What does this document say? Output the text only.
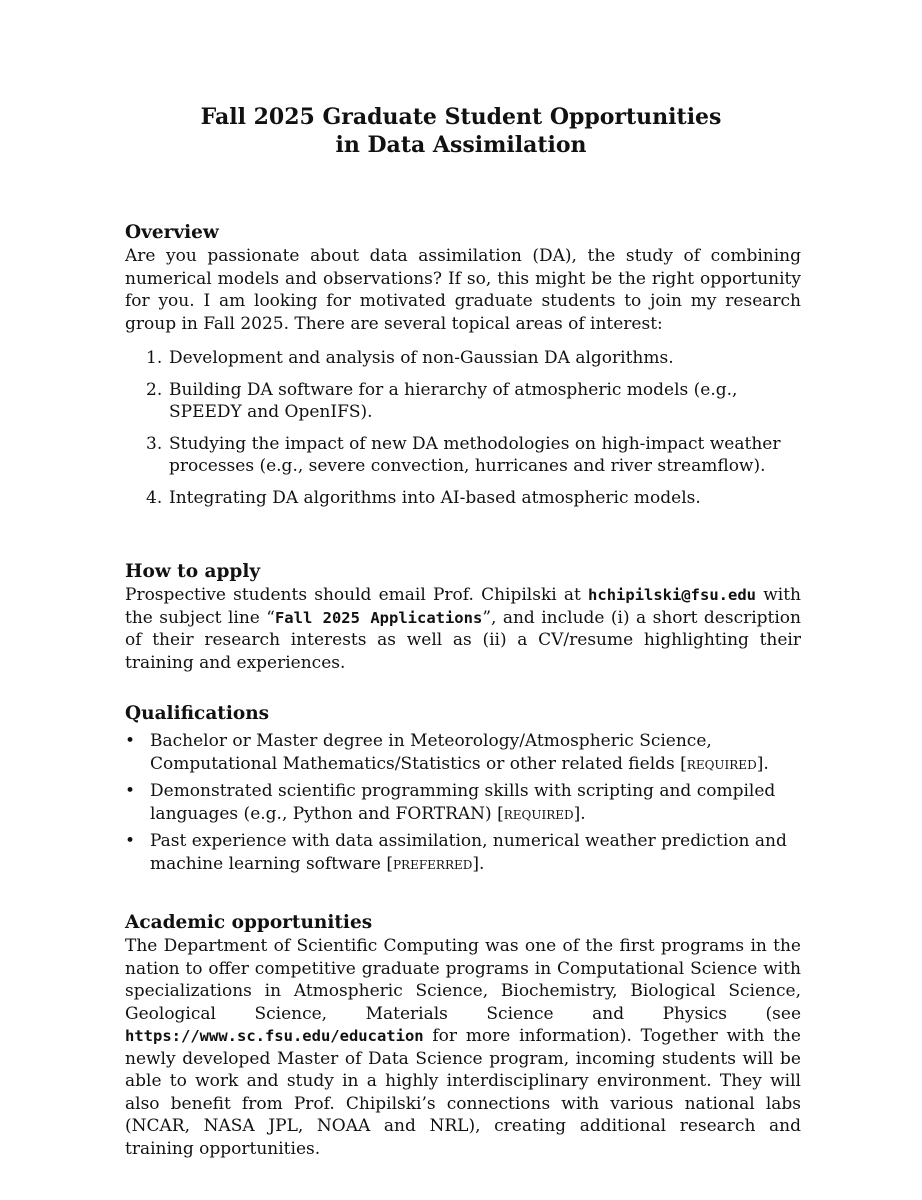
Fall 2025 Graduate Student Opportunities
in Data Assimilation
Overview

Are you passionate about data assimilation (DA), the study of combining numerical models and observations? If so, this might be the right opportunity for you. I am looking for motivated graduate students to join my research group in Fall 2025. There are several topical areas of interest:

1. Development and analysis of non-Gaussian DA algorithms.
2. Building DA software for a hierarchy of atmospheric models (e.g., SPEEDY and OpenIFS).
3. Studying the impact of new DA methodologies on high-impact weather processes (e.g., severe convection, hurricanes and river streamflow).
4. Integrating DA algorithms into AI-based atmospheric models.
How to apply

Prospective students should email Prof. Chipilski at hchipilski@fsu.edu with the subject line “Fall 2025 Applications”, and include (i) a short description of their research interests as well as (ii) a CV/resume highlighting their training and experiences.

Qualifications
• Bachelor or Master degree in Meteorology/Atmospheric Science, Computational Mathematics/Statistics or other related fields [required].
• Demonstrated scientific programming skills with scripting and compiled languages (e.g., Python and FORTRAN) [required].
• Past experience with data assimilation, numerical weather prediction and machine learning software [preferred].
Academic opportunities

The Department of Scientific Computing was one of the first programs in the nation to offer competitive graduate programs in Computational Science with specializations in Atmospheric Science, Biochemistry, Biological Science, Geological Science, Materials Science and Physics (see https://www.sc.fsu.edu/education for more information). Together with the newly developed Master of Data Science program, incoming students will be able to work and study in a highly interdisciplinary environment. They will also benefit from Prof. Chipilski’s connections with various national labs (NCAR, NASA JPL, NOAA and NRL), creating additional research and training opportunities.
